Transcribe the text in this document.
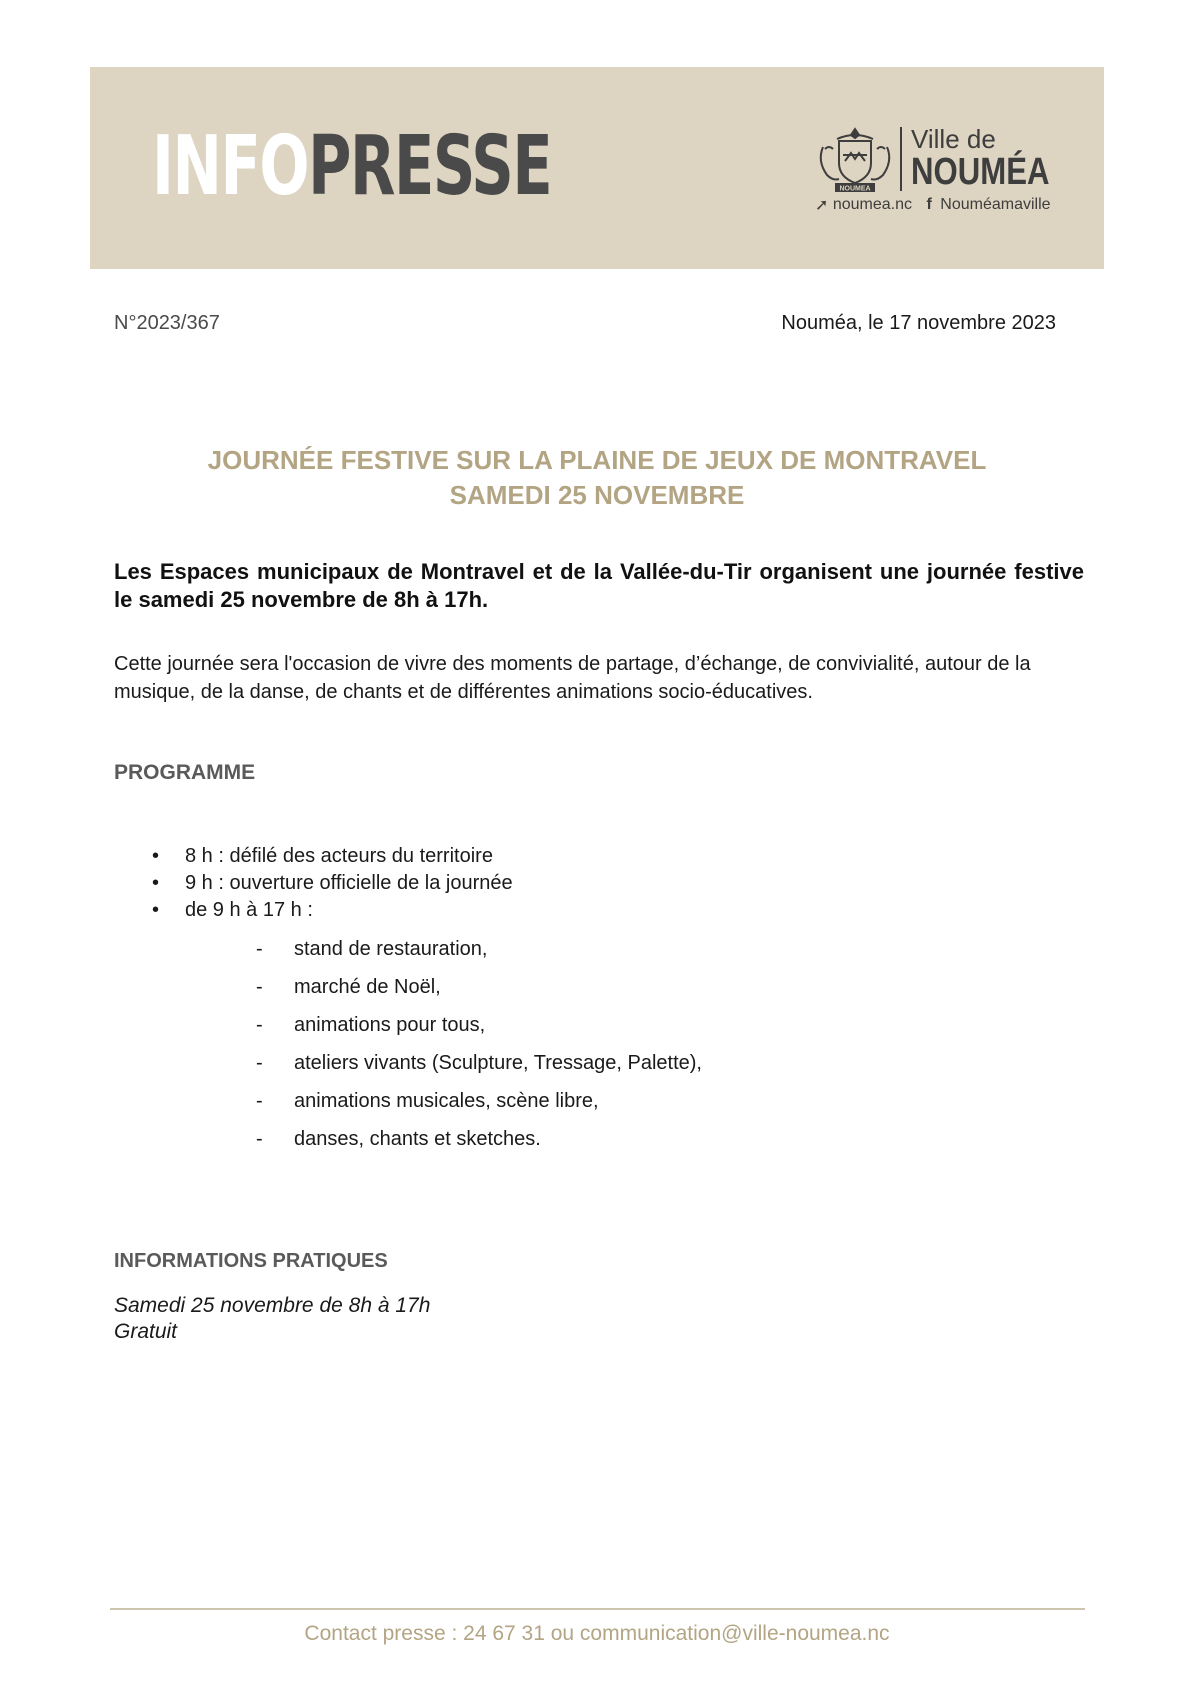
INFOPRESSE	NOUMEA
Ville de
NOUMÉA
➚ noumea.nc f Nouméamaville
N°2023/367	Nouméa, le 17 novembre 2023
JOURNÉE FESTIVE SUR LA PLAINE DE JEUX DE MONTRAVEL
SAMEDI 25 NOVEMBRE
Les Espaces municipaux de Montravel et de la Vallée-du-Tir organisent une journée festive le samedi 25 novembre de 8h à 17h.
Cette journée sera l'occasion de vivre des moments de partage, d’échange, de convivialité, autour de la musique, de la danse, de chants et de différentes animations socio-éducatives.
PROGRAMME
• 8 h : défilé des acteurs du territoire
• 9 h : ouverture officielle de la journée
• de 9 h à 17 h :
- stand de restauration,
- marché de Noël,
- animations pour tous,
- ateliers vivants (Sculpture, Tressage, Palette),
- animations musicales, scène libre,
- danses, chants et sketches.
INFORMATIONS PRATIQUES
Samedi 25 novembre de 8h à 17h
Gratuit
Contact presse : 24 67 31 ou communication@ville-noumea.nc
